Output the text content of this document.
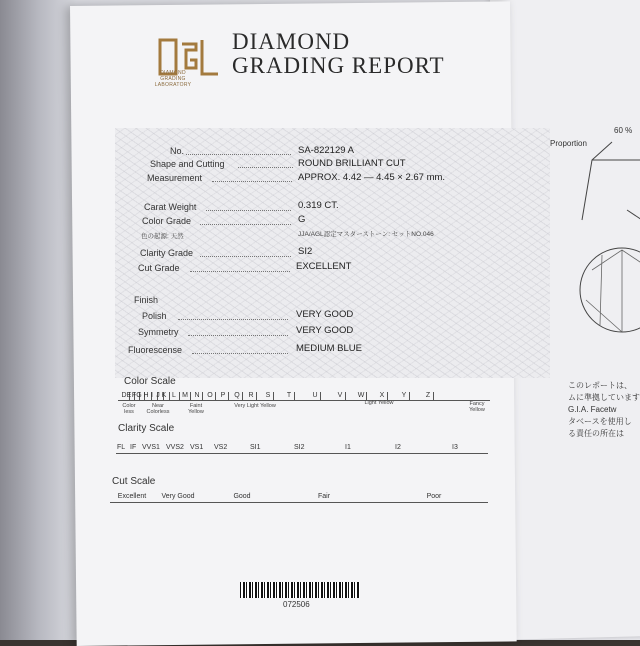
DIAMOND GRADING LABORATORY
DIAMOND
GRADING REPORT
No.	SA-822129 A
Shape and Cutting	ROUND BRILLIANT CUT
Measurement	APPROX. 4.42 — 4.45 × 2.67 mm.
Carat Weight	0.319 CT.
Color Grade	G
色の起源: 天然	JJA/AGL認定マスターストーン: セットNO.046
Clarity Grade	SI2
Cut Grade	EXCELLENT
Finish
Polish	VERY GOOD
Symmetry	VERY GOOD
Fluorescense	MEDIUM BLUE
Color Scale
D E F G H I J K L M N O P Q R S T	U	V W X Y	Z
Color less
Near Colorless
Faint Yellow
Very Light Yellow	Light Yellow	Fancy Yellow
Clarity Scale
FL IF VVS1 VVS2 VS1	VS2	SI1	SI2	I1	I2	I3
Cut Scale
Excellent	Very Good	Good	Fair	Poor
072506
Proportion
60 %
このレポートは、
ムに準拠しています
G.I.A. Facetw
タベースを使用し
る責任の所在は
